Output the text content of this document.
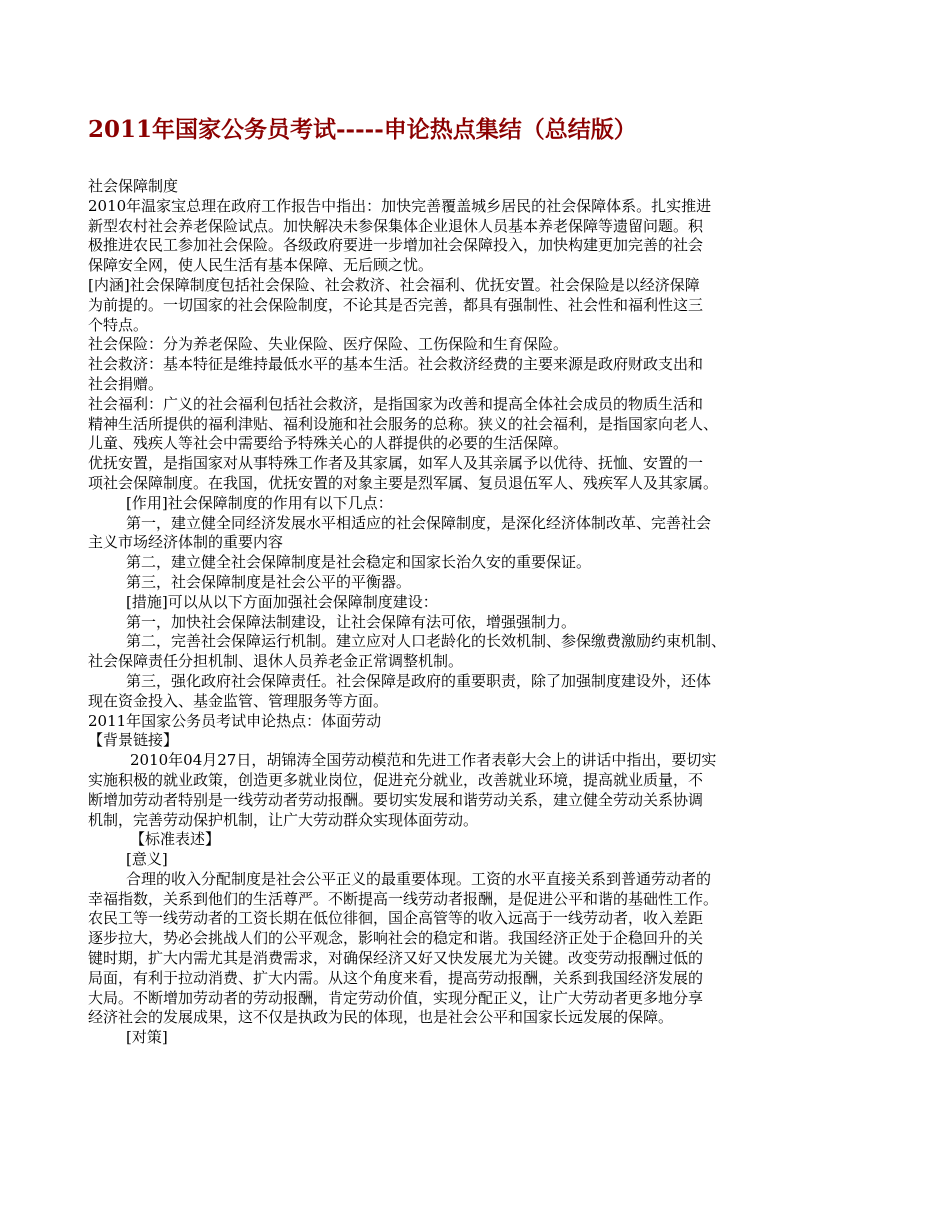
2011年国家公务员考试-----申论热点集结（总结版）

社会保障制度

2010年温家宝总理在政府工作报告中指出：加快完善覆盖城乡居民的社会保障体系。扎实推进

新型农村社会养老保险试点。加快解决未参保集体企业退休人员基本养老保障等遗留问题。积

极推进农民工参加社会保险。各级政府要进一步增加社会保障投入，加快构建更加完善的社会

保障安全网，使人民生活有基本保障、无后顾之忧。

[内涵]社会保障制度包括社会保险、社会救济、社会福利、优抚安置。社会保险是以经济保障

为前提的。一切国家的社会保险制度，不论其是否完善，都具有强制性、社会性和福利性这三

个特点。

社会保险：分为养老保险、失业保险、医疗保险、工伤保险和生育保险。

社会救济：基本特征是维持最低水平的基本生活。社会救济经费的主要来源是政府财政支出和

社会捐赠。

社会福利：广义的社会福利包括社会救济，是指国家为改善和提高全体社会成员的物质生活和

精神生活所提供的福利津贴、福利设施和社会服务的总称。狭义的社会福利，是指国家向老人、

儿童、残疾人等社会中需要给予特殊关心的人群提供的必要的生活保障。

优抚安置，是指国家对从事特殊工作者及其家属，如军人及其亲属予以优待、抚恤、安置的一

项社会保障制度。在我国，优抚安置的对象主要是烈军属、复员退伍军人、残疾军人及其家属。

[作用]社会保障制度的作用有以下几点：

第一，建立健全同经济发展水平相适应的社会保障制度，是深化经济体制改革、完善社会

主义市场经济体制的重要内容

第二，建立健全社会保障制度是社会稳定和国家长治久安的重要保证。

第三，社会保障制度是社会公平的平衡器。

[措施]可以从以下方面加强社会保障制度建设：

第一，加快社会保障法制建设，让社会保障有法可依，增强强制力。

第二，完善社会保障运行机制。建立应对人口老龄化的长效机制、参保缴费激励约束机制、

社会保障责任分担机制、退休人员养老金正常调整机制。

第三，强化政府社会保障责任。社会保障是政府的重要职责，除了加强制度建设外，还体

现在资金投入、基金监管、管理服务等方面。

2011年国家公务员考试申论热点：体面劳动

【背景链接】

2010年04月27日，胡锦涛全国劳动模范和先进工作者表彰大会上的讲话中指出，要切实

实施积极的就业政策，创造更多就业岗位，促进充分就业，改善就业环境，提高就业质量，不

断增加劳动者特别是一线劳动者劳动报酬。要切实发展和谐劳动关系，建立健全劳动关系协调

机制，完善劳动保护机制，让广大劳动群众实现体面劳动。

【标准表述】

[意义]

合理的收入分配制度是社会公平正义的最重要体现。工资的水平直接关系到普通劳动者的

幸福指数，关系到他们的生活尊严。不断提高一线劳动者报酬，是促进公平和谐的基础性工作。

农民工等一线劳动者的工资长期在低位徘徊，国企高管等的收入远高于一线劳动者，收入差距

逐步拉大，势必会挑战人们的公平观念，影响社会的稳定和谐。我国经济正处于企稳回升的关

键时期，扩大内需尤其是消费需求，对确保经济又好又快发展尤为关键。改变劳动报酬过低的

局面，有利于拉动消费、扩大内需。从这个角度来看，提高劳动报酬，关系到我国经济发展的

大局。不断增加劳动者的劳动报酬，肯定劳动价值，实现分配正义，让广大劳动者更多地分享

经济社会的发展成果，这不仅是执政为民的体现，也是社会公平和国家长远发展的保障。

[对策]
